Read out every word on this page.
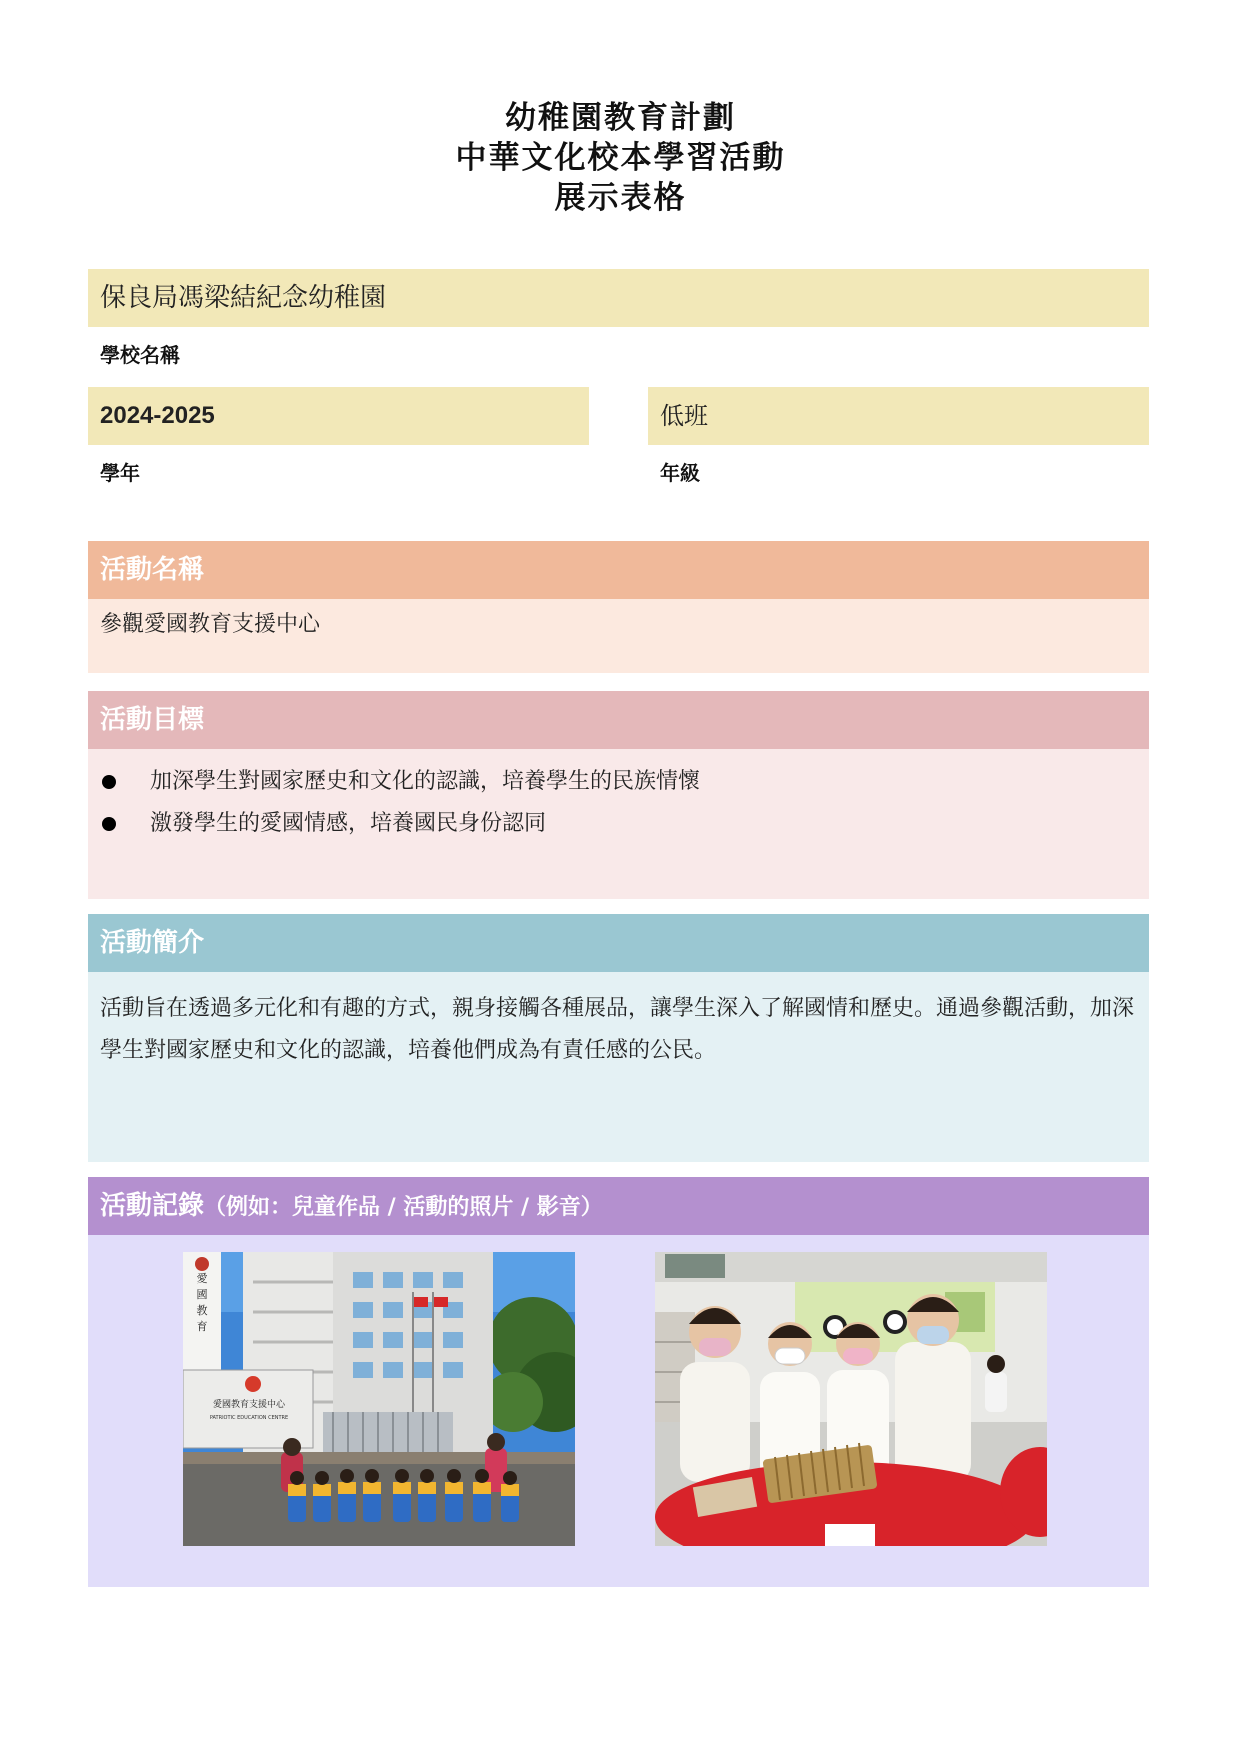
幼稚園教育計劃
中華文化校本學習活動
展示表格
保良局馮梁結紀念幼稚園
學校名稱
2024-2025
學年
低班
年級
活動名稱
參觀愛國教育支援中心
活動目標
加深學生對國家歷史和文化的認識，培養學生的民族情懷
激發學生的愛國情感，培養國民身份認同
活動簡介
活動旨在透過多元化和有趣的方式，親身接觸各種展品，讓學生深入了解國情和歷史。通過參觀活動，加深學生對國家歷史和文化的認識，培養他們成為有責任感的公民。
活動記錄（例如：兒童作品 / 活動的照片 / 影音）
愛
國
教
育
愛國教育支援中心
PATRIOTIC EDUCATION CENTRE
